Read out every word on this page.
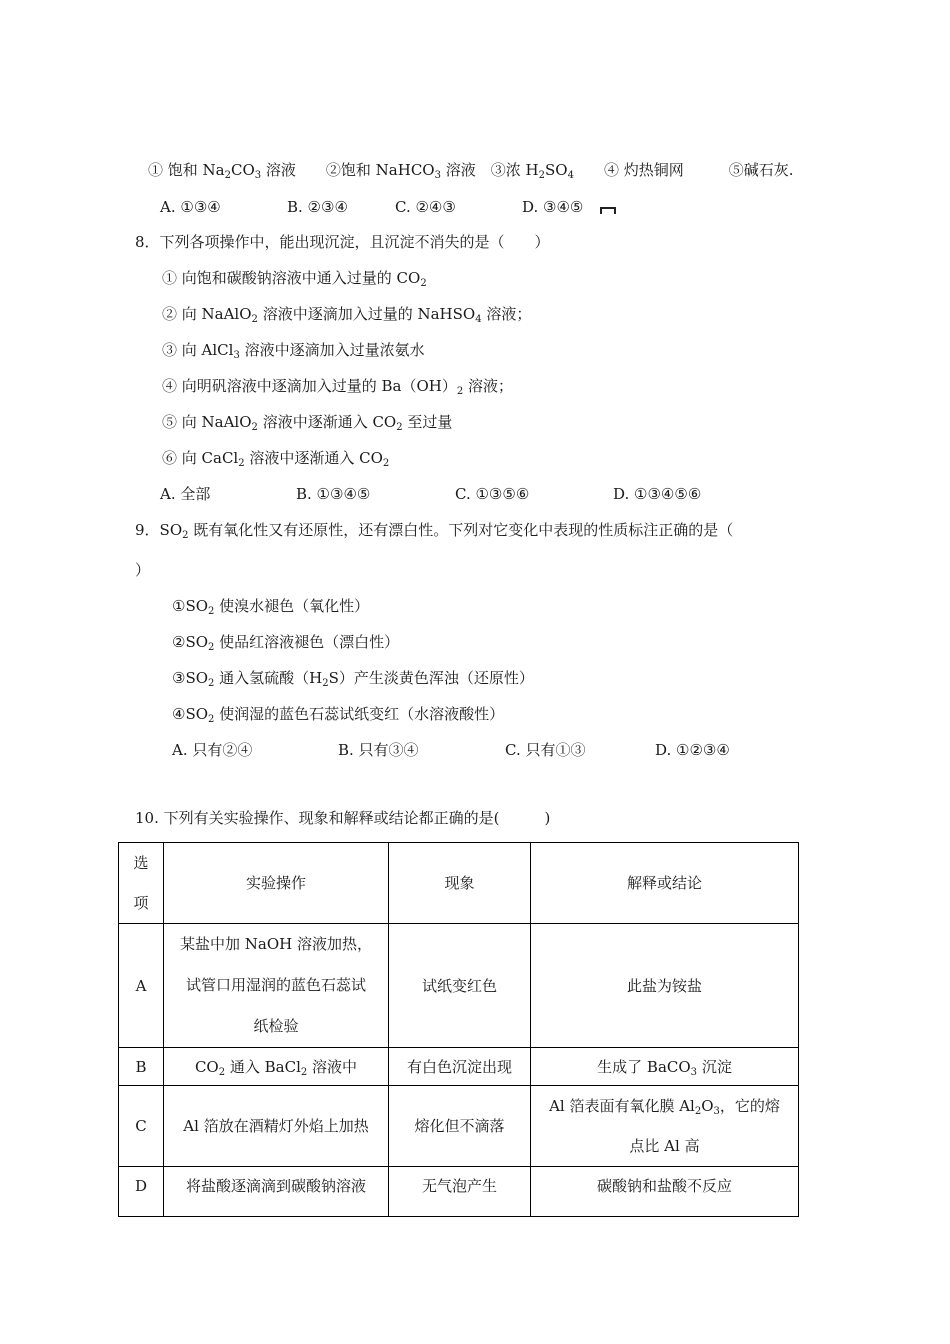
① 饱和 $Na_2CO_3$ 溶液　　②饱和 NaHCO$_3$ 溶液　③浓 $H_2SO_4$　　④ 灼热铜网　　　⑤碱石灰.
A. ①③④	B. ②③④	C. ②④③	D. ③④⑤
8．下列各项操作中，能出现沉淀，且沉淀不消失的是（　　）
① 向饱和碳酸钠溶液中通入过量的 $CO_2$
② 向 NaAlO$_2$ 溶液中逐滴加入过量的 NaHSO$_4$ 溶液；
③ 向 AlCl$_3$ 溶液中逐滴加入过量浓氨水
④ 向明矾溶液中逐滴加入过量的 $Ba(OH)_2$ 溶液；
⑤ 向 NaAlO$_2$ 溶液中逐渐通入 $CO_2$ 至过量
⑥ 向 CaCl$_2$ 溶液中逐渐通入 $CO_2$
A. 全部	B. ①③④⑤	C. ①③⑤⑥	D. ①③④⑤⑥
9．$SO_2$ 既有氧化性又有还原性，还有漂白性。下列对它变化中表现的性质标注正确的是（
）
$①SO_2$ 使溴水褪色（氧化性）
$②SO_2$ 使品红溶液褪色（漂白性）
$③SO_2$ 通入氢硫酸$(H_2S)$产生淡黄色浑浊（还原性）
$④SO_2$ 使润湿的蓝色石蕊试纸变红（水溶液酸性）
A. 只有②④	B. 只有③④	C. 只有①③	D. ①②③④
10. 下列有关实验操作、现象和解释或结论都正确的是(　　　)
选
项	实验操作	现象	解释或结论
A	某盐中加 NaOH 溶液加热，
试管口用湿润的蓝色石蕊试
纸检验	试纸变红色	此盐为铵盐
B	$CO_2$ 通入 BaCl$_2$ 溶液中	有白色沉淀出现	生成了 BaCO$_3$ 沉淀
C	Al 箔放在酒精灯外焰上加热	熔化但不滴落	Al 箔表面有氧化膜 $Al_2O_3$，它的熔
点比 Al 高

D	将盐酸逐滴滴到碳酸钠溶液	无气泡产生	碳酸钠和盐酸不反应
